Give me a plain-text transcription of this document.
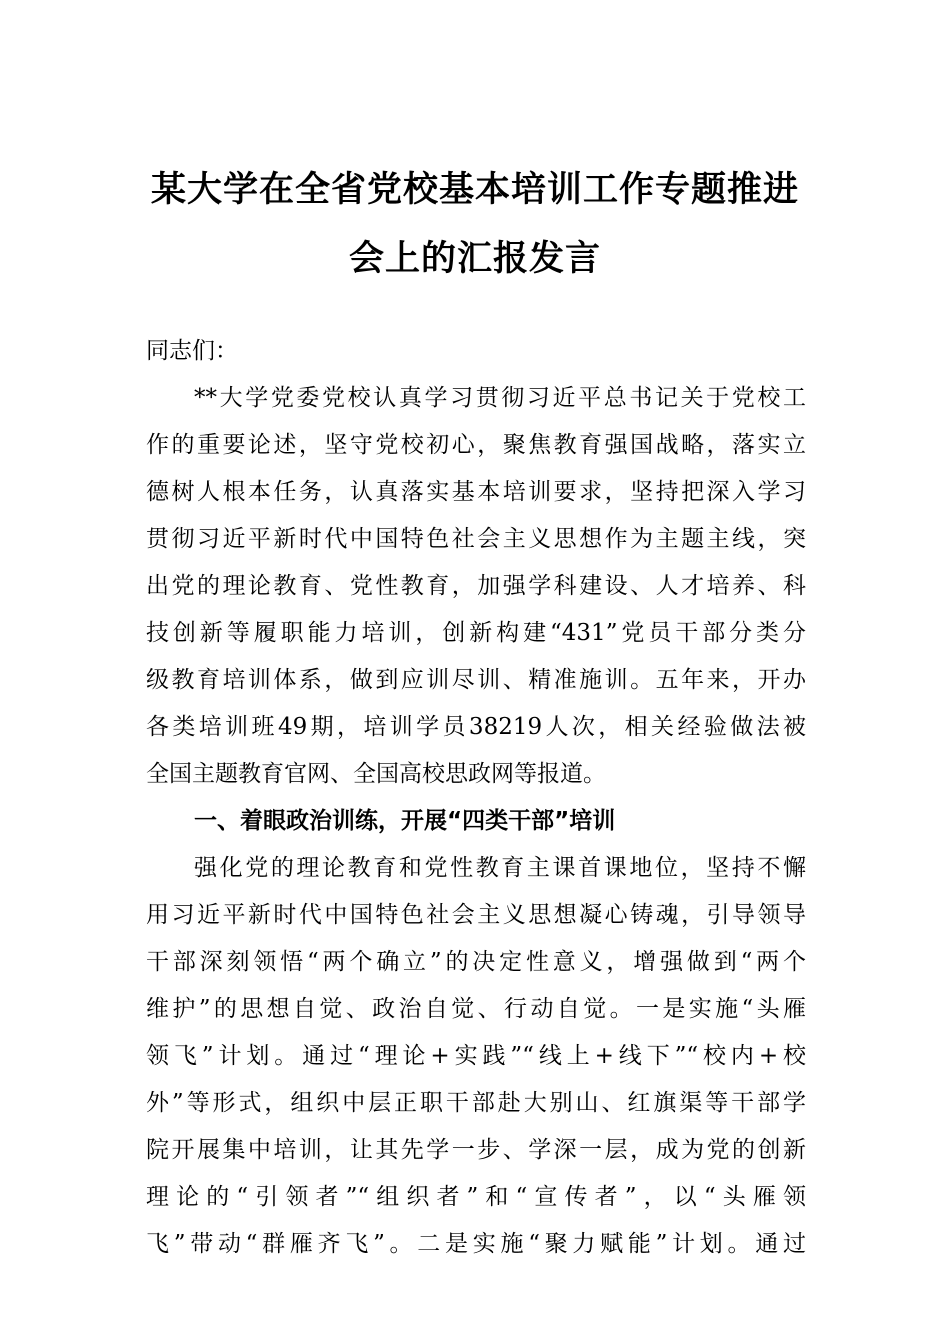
某大学在全省党校基本培训工作专题推进
会上的汇报发言
同志们：
**大学党委党校认真学习贯彻习近平总书记关于党校工
作的重要论述，坚守党校初心，聚焦教育强国战略，落实立
德树人根本任务，认真落实基本培训要求，坚持把深入学习
贯彻习近平新时代中国特色社会主义思想作为主题主线，突
出党的理论教育、党性教育，加强学科建设、人才培养、科
技创新等履职能力培训，创新构建“431”党员干部分类分
级教育培训体系，做到应训尽训、精准施训。五年来，开办
各类培训班49期，培训学员38219人次，相关经验做法被
全国主题教育官网、全国高校思政网等报道。
一、着眼政治训练，开展“四类干部”培训
强化党的理论教育和党性教育主课首课地位，坚持不懈
用习近平新时代中国特色社会主义思想凝心铸魂，引导领导
干部深刻领悟“两个确立”的决定性意义，增强做到“两个
维护”的思想自觉、政治自觉、行动自觉。一是实施“头雁
领飞”计划。通过“理论+实践”“线上+线下”“校内+校
外”等形式，组织中层正职干部赴大别山、红旗渠等干部学
院开展集中培训，让其先学一步、学深一层，成为党的创新
理论的“引领者”“组织者”和“宣传者”，以“头雁领
飞”带动“群雁齐飞”。二是实施“聚力赋能”计划。通过
